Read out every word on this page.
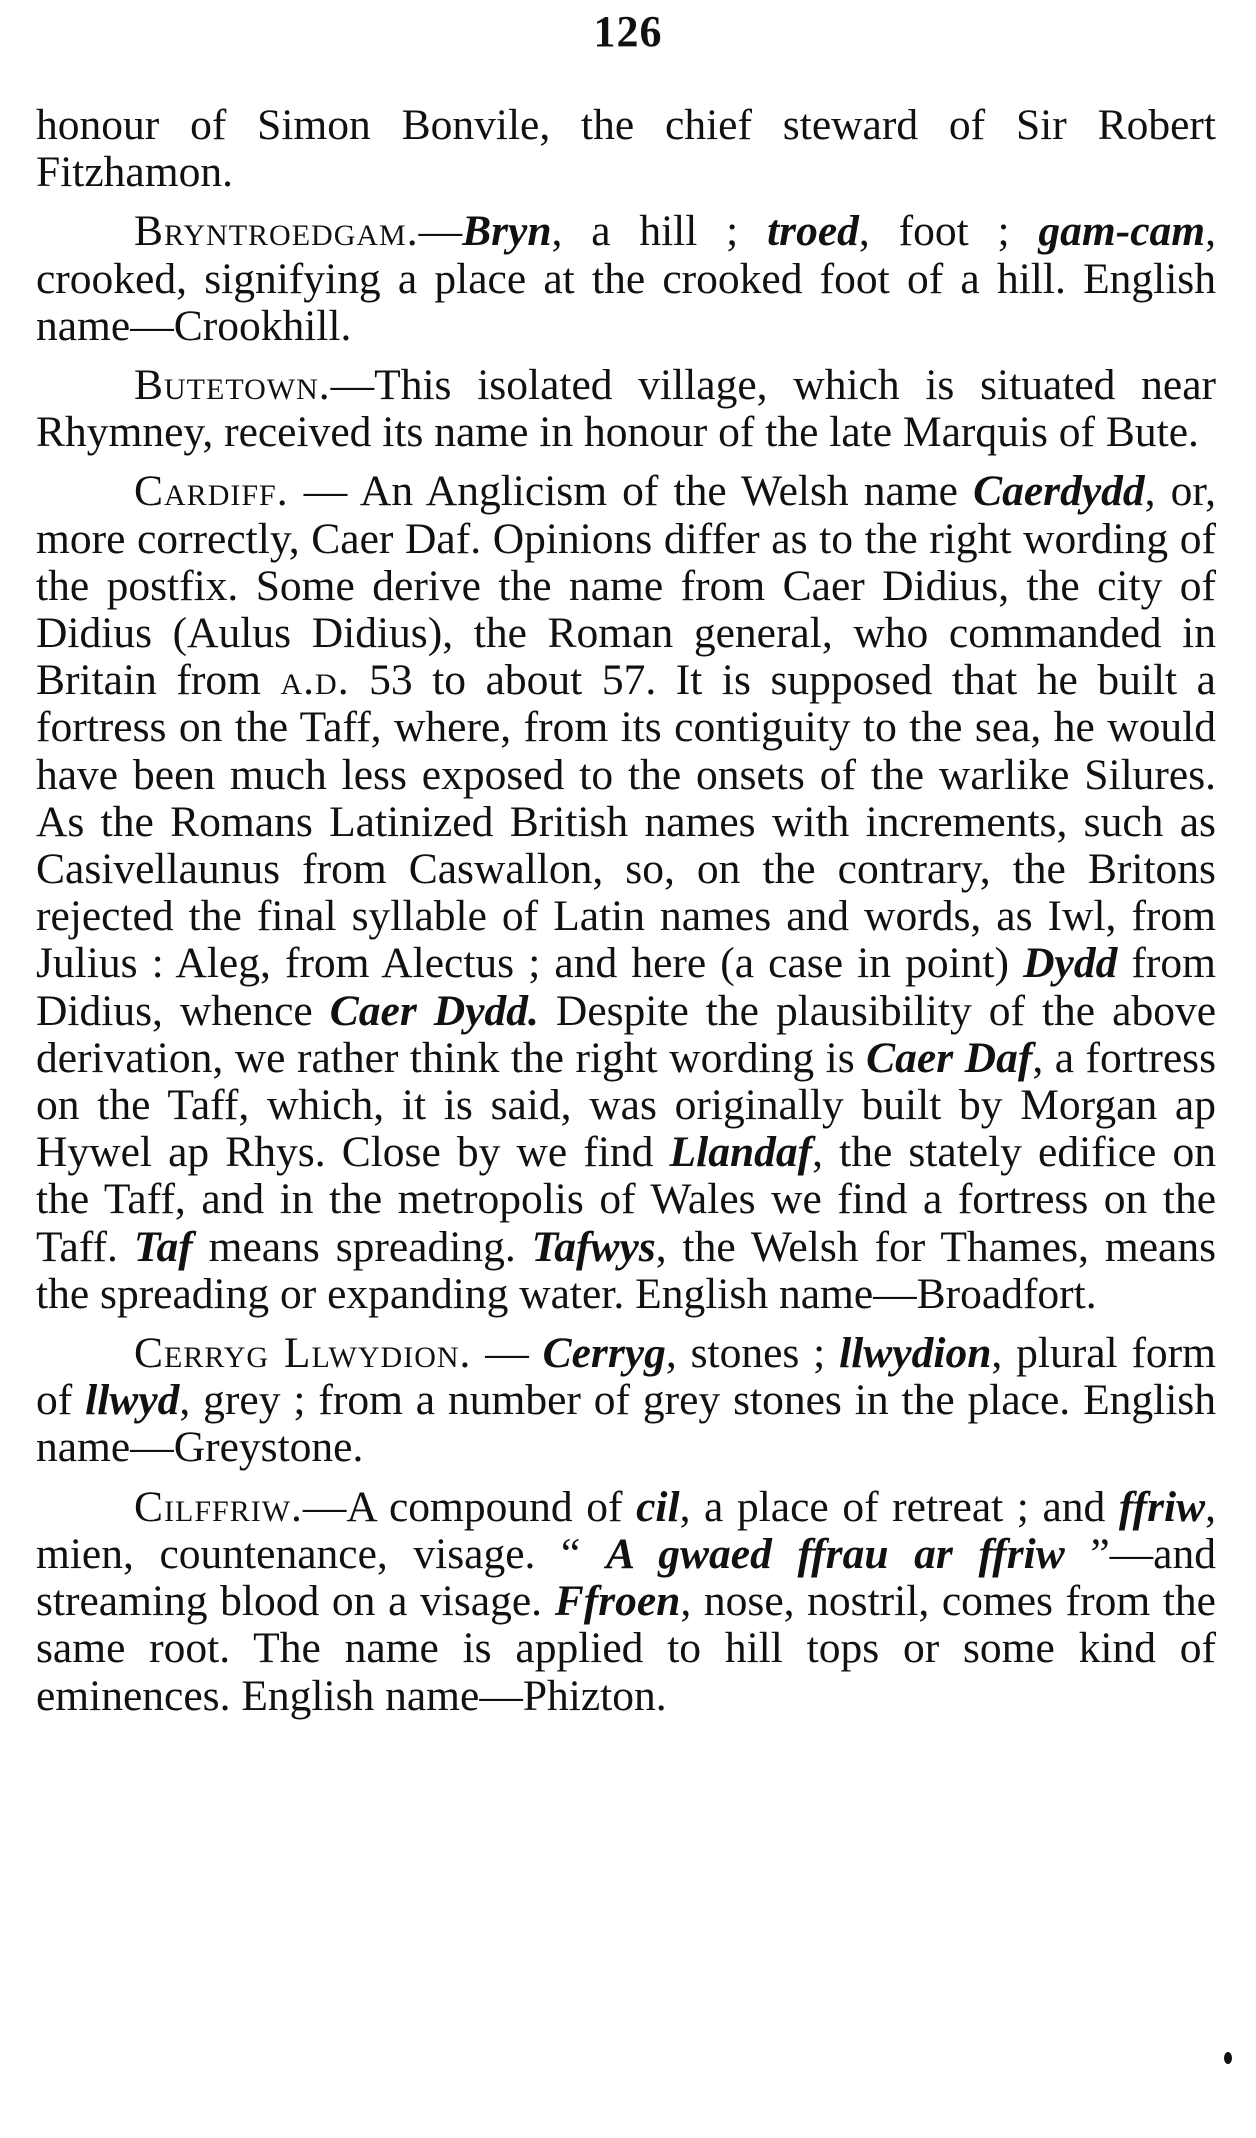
126

honour of Simon Bonvile, the chief steward of Sir Robert Fitzhamon.

Bryntroedgam.—Bryn, a hill ; troed, foot ; gam-cam, crooked, signifying a place at the crooked foot of a hill. English name—Crookhill.

Butetown.—This isolated village, which is situated near Rhymney, received its name in honour of the late Marquis of Bute.

Cardiff. — An Anglicism of the Welsh name Caerdydd, or, more correctly, Caer Daf. Opinions differ as to the right wording of the postfix. Some derive the name from Caer Didius, the city of Didius (Aulus Didius), the Roman general, who commanded in Britain from a.d. 53 to about 57. It is supposed that he built a fortress on the Taff, where, from its contiguity to the sea, he would have been much less exposed to the onsets of the warlike Silures. As the Romans Latinized British names with increments, such as Casivellaunus from Caswallon, so, on the contrary, the Britons rejected the final syllable of Latin names and words, as Iwl, from Julius : Aleg, from Alectus ; and here (a case in point) Dydd from Didius, whence Caer Dydd. Despite the plausibility of the above derivation, we rather think the right wording is Caer Daf, a fortress on the Taff, which, it is said, was originally built by Morgan ap Hywel ap Rhys. Close by we find Llandaf, the stately edifice on the Taff, and in the metropolis of Wales we find a fortress on the Taff. Taf means spreading. Tafwys, the Welsh for Thames, means the spreading or expanding water. English name—Broadfort.

Cerryg Llwydion. — Cerryg, stones ; llwydion, plural form of llwyd, grey ; from a number of grey stones in the place. English name—Greystone.

Cilffriw.—A compound of cil, a place of retreat ; and ffriw, mien, countenance, visage. “ A gwaed ffrau ar ffriw ”—and streaming blood on a visage. Ffroen, nose, nostril, comes from the same root. The name is applied to hill tops or some kind of eminences. English name—Phizton.
